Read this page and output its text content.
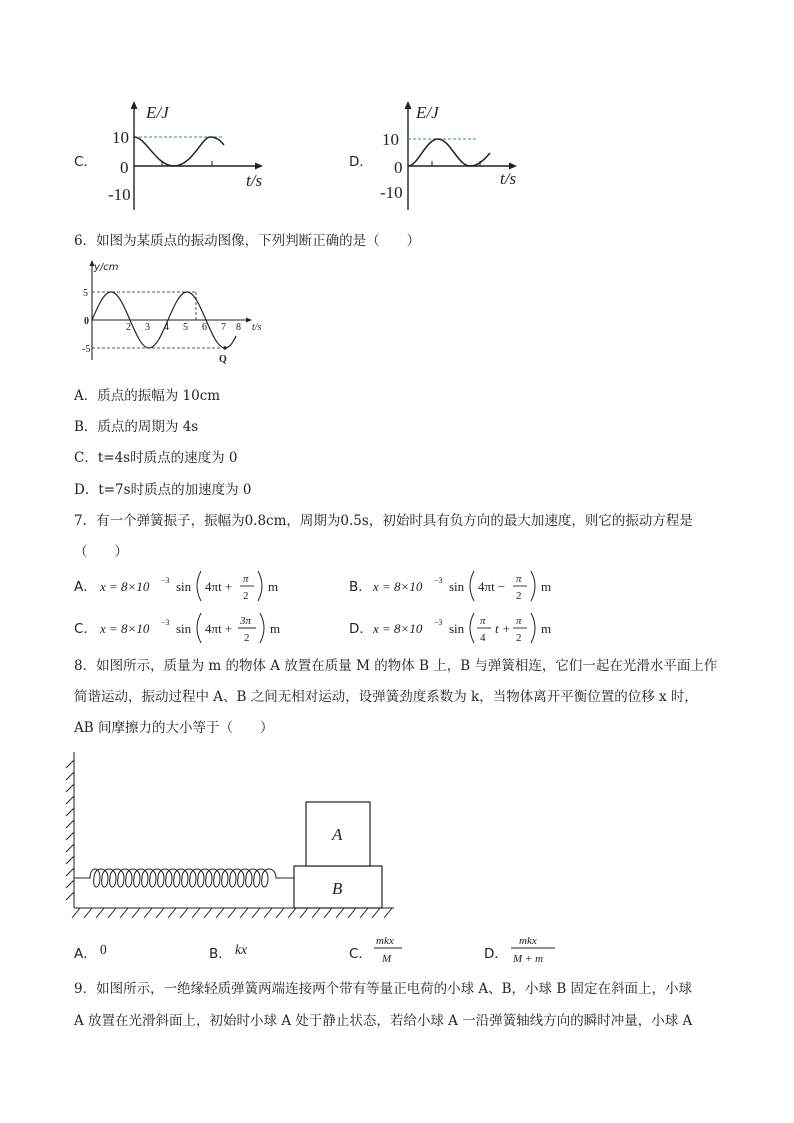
C．
E/J
10
0
-10
t/s
D．
E/J
10
0
-10
t/s
6．如图为某质点的振动图像，下列判断正确的是（　　）
y/cm
5
-5
0
2 3 4 5 6 7 8 t/s
Q
A．质点的振幅为 10cm
B．质点的周期为 4s
C．t=4s时质点的速度为 0
D．t=7s时质点的加速度为 0
7．有一个弹簧振子，振幅为0.8cm，周期为0.5s，初始时具有负方向的最大加速度，则它的振动方程是
（　　）
A． x = 8×10 −3 sin 4πt + π
2
m	B． x = 8×10 −3 sin 4πt − π
2
m
C． x = 8×10 −3 sin 4πt + 3π
2
m	D． x = 8×10 −3 sin π
4
t + π
2
m
8．如图所示，质量为 m 的物体 A 放置在质量 M 的物体 B 上，B 与弹簧相连，它们一起在光滑水平面上作
简谐运动，振动过程中 A、B 之间无相对运动，设弹簧劲度系数为 k，当物体离开平衡位置的位移 x 时，
AB 间摩擦力的大小等于（　　）
A
B
A． 0	B． kx	C．
mkx
M	D．
mkx
M + m
9．如图所示，一绝缘轻质弹簧两端连接两个带有等量正电荷的小球 A、B，小球 B 固定在斜面上，小球
A 放置在光滑斜面上，初始时小球 A 处于静止状态，若给小球 A 一沿弹簧轴线方向的瞬时冲量，小球 A
